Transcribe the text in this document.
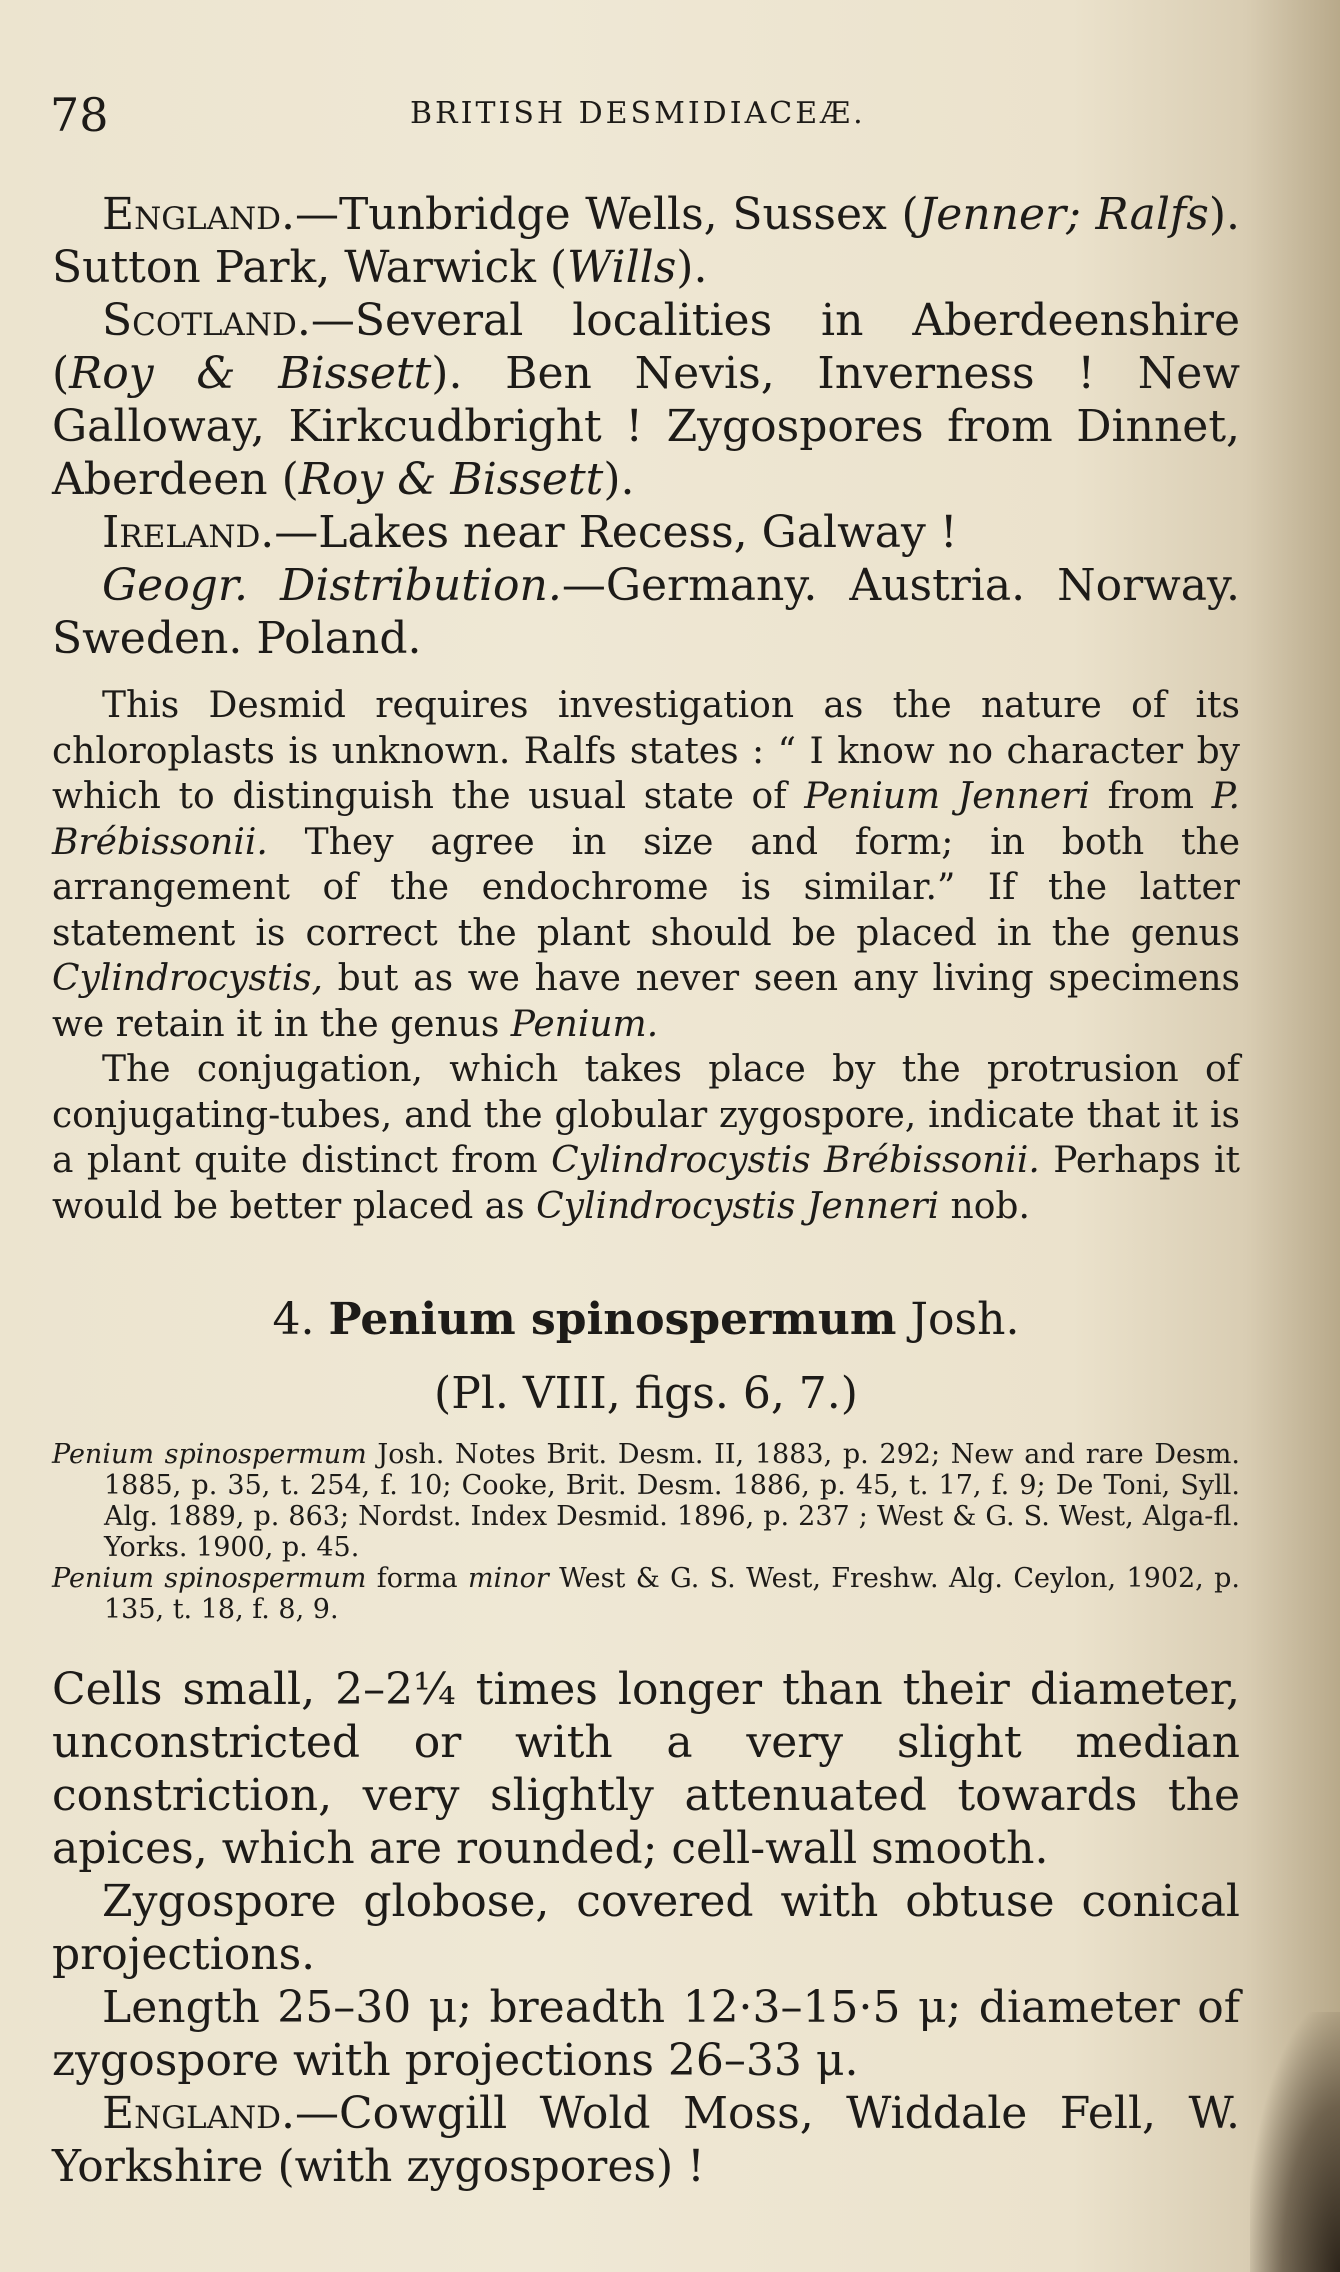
78	BRITISH DESMIDIACEÆ.

England.—Tunbridge Wells, Sussex (Jenner; Ralfs). Sutton Park, Warwick (Wills).

Scotland.—Several localities in Aberdeenshire (Roy & Bissett). Ben Nevis, Inverness ! New Galloway, Kirkcudbright ! Zygospores from Dinnet, Aberdeen (Roy & Bissett).

Ireland.—Lakes near Recess, Galway !

Geogr. Distribution.—Germany. Austria. Norway. Sweden. Poland.

This Desmid requires investigation as the nature of its chloroplasts is unknown. Ralfs states : “ I know no character by which to distinguish the usual state of Penium Jenneri from P. Brébissonii. They agree in size and form; in both the arrangement of the endochrome is similar.” If the latter statement is correct the plant should be placed in the genus Cylindrocystis, but as we have never seen any living specimens we retain it in the genus Penium.

The conjugation, which takes place by the protrusion of conjugating-tubes, and the globular zygospore, indicate that it is a plant quite distinct from Cylindrocystis Brébissonii. Perhaps it would be better placed as Cylindrocystis Jenneri nob.

4. Penium spinospermum Josh.

(Pl. VIII, figs. 6, 7.)

Penium spinospermum Josh. Notes Brit. Desm. II, 1883, p. 292; New and rare Desm. 1885, p. 35, t. 254, f. 10; Cooke, Brit. Desm. 1886, p. 45, t. 17, f. 9; De Toni, Syll. Alg. 1889, p. 863; Nordst. Index Desmid. 1896, p. 237 ; West & G. S. West, Alga-fl. Yorks. 1900, p. 45.

Penium spinospermum forma minor West & G. S. West, Freshw. Alg. Ceylon, 1902, p. 135, t. 18, f. 8, 9.

Cells small, 2–2¼ times longer than their diameter, unconstricted or with a very slight median constriction, very slightly attenuated towards the apices, which are rounded; cell-wall smooth.

Zygospore globose, covered with obtuse conical projections.

Length 25–30 μ; breadth 12·3–15·5 μ; diameter of zygospore with projections 26–33 μ.

England.—Cowgill Wold Moss, Widdale Fell, W. Yorkshire (with zygospores) !
